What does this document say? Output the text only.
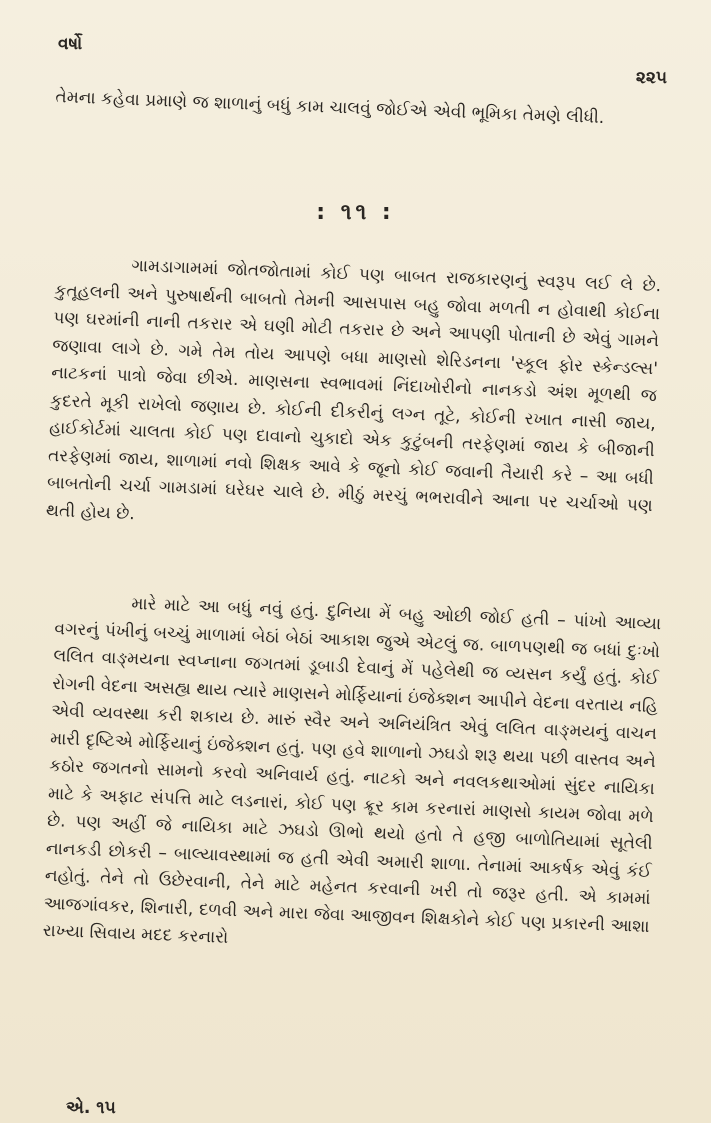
વર્ષો
૨૨૫

તેમના કહેવા પ્રમાણે જ શાળાનું બધું કામ ચાલવું જોઈએ એવી ભૂમિકા તેમણે લીધી.

: ૧૧ :

ગામડાગામમાં જોતજોતામાં કોઈ પણ બાબત રાજકારણનું સ્વરૂપ લઈ લે છે. કુતૂહલની અને પુરુષાર્થની બાબતો તેમની આસપાસ બહુ જોવા મળતી ન હોવાથી કોઈના પણ ઘરમાંની નાની તકરાર એ ઘણી મોટી તકરાર છે અને આપણી પોતાની છે એવું ગામને જણાવા લાગે છે. ગમે તેમ તોય આપણે બધા માણસો શેરિડનના 'સ્કૂલ ફોર સ્કેન્ડલ્સ' નાટકનાં પાત્રો જેવા છીએ. માણસના સ્વભાવમાં નિંદાખોરીનો નાનકડો અંશ મૂળથી જ કુદરતે મૂકી રાખેલો જણાય છે. કોઈની દીકરીનું લગ્ન તૂટે, કોઈની રખાત નાસી જાય, હાઈકોર્ટમાં ચાલતા કોઈ પણ દાવાનો ચુકાદો એક કુટુંબની તરફેણમાં જાય કે બીજાની તરફેણમાં જાય, શાળામાં નવો શિક્ષક આવે કે જૂનો કોઈ જવાની તૈયારી કરે – આ બધી બાબતોની ચર્ચા ગામડામાં ઘરેઘર ચાલે છે. મીઠું મરચું ભભરાવીને આના પર ચર્ચાઓ પણ થતી હોય છે.

મારે માટે આ બધું નવું હતું. દુનિયા મેં બહુ ઓછી જોઈ હતી – પાંખો આવ્યા વગરનું પંખીનું બચ્ચું માળામાં બેઠાં બેઠાં આકાશ જુએ એટલું જ. બાળપણથી જ બધાં દુઃખો લલિત વાઙ્મયના સ્વપ્નાના જગતમાં ડૂબાડી દેવાનું મેં પહેલેથી જ વ્યસન કર્યું હતું. કોઈ રોગની વેદના અસહ્ય થાય ત્યારે માણસને મોર્ફિયાનાં ઇંજેક્શન આપીને વેદના વરતાય નહિ એવી વ્યવસ્થા કરી શકાય છે. મારું સ્વૈર અને અનિયંત્રિત એવું લલિત વાઙ્મયનું વાચન મારી દૃષ્ટિએ મોર્ફિયાનું ઇંજેક્શન હતું. પણ હવે શાળાનો ઝઘડો શરૂ થયા પછી વાસ્તવ અને કઠોર જગતનો સામનો કરવો અનિવાર્ય હતું. નાટકો અને નવલકથાઓમાં સુંદર નાયિકા માટે કે અફાટ સંપત્તિ માટે લડનારાં, કોઈ પણ ક્રૂર કામ કરનારાં માણસો કાયમ જોવા મળે છે. પણ અહીં જે નાયિકા માટે ઝઘડો ઊભો થયો હતો તે હજી બાળોતિયામાં સૂતેલી નાનકડી છોકરી – બાલ્યાવસ્થામાં જ હતી એવી અમારી શાળા. તેનામાં આકર્ષક એવું કંઈ નહોતું. તેને તો ઉછેરવાની, તેને માટે મહેનત કરવાની ખરી તો જરૂર હતી. એ કામમાં આજગાંવકર, શિનારી, દળવી અને મારા જેવા આજીવન શિક્ષકોને કોઈ પણ પ્રકારની આશા રાખ્યા સિવાય મદદ કરનારો

એ. ૧૫
